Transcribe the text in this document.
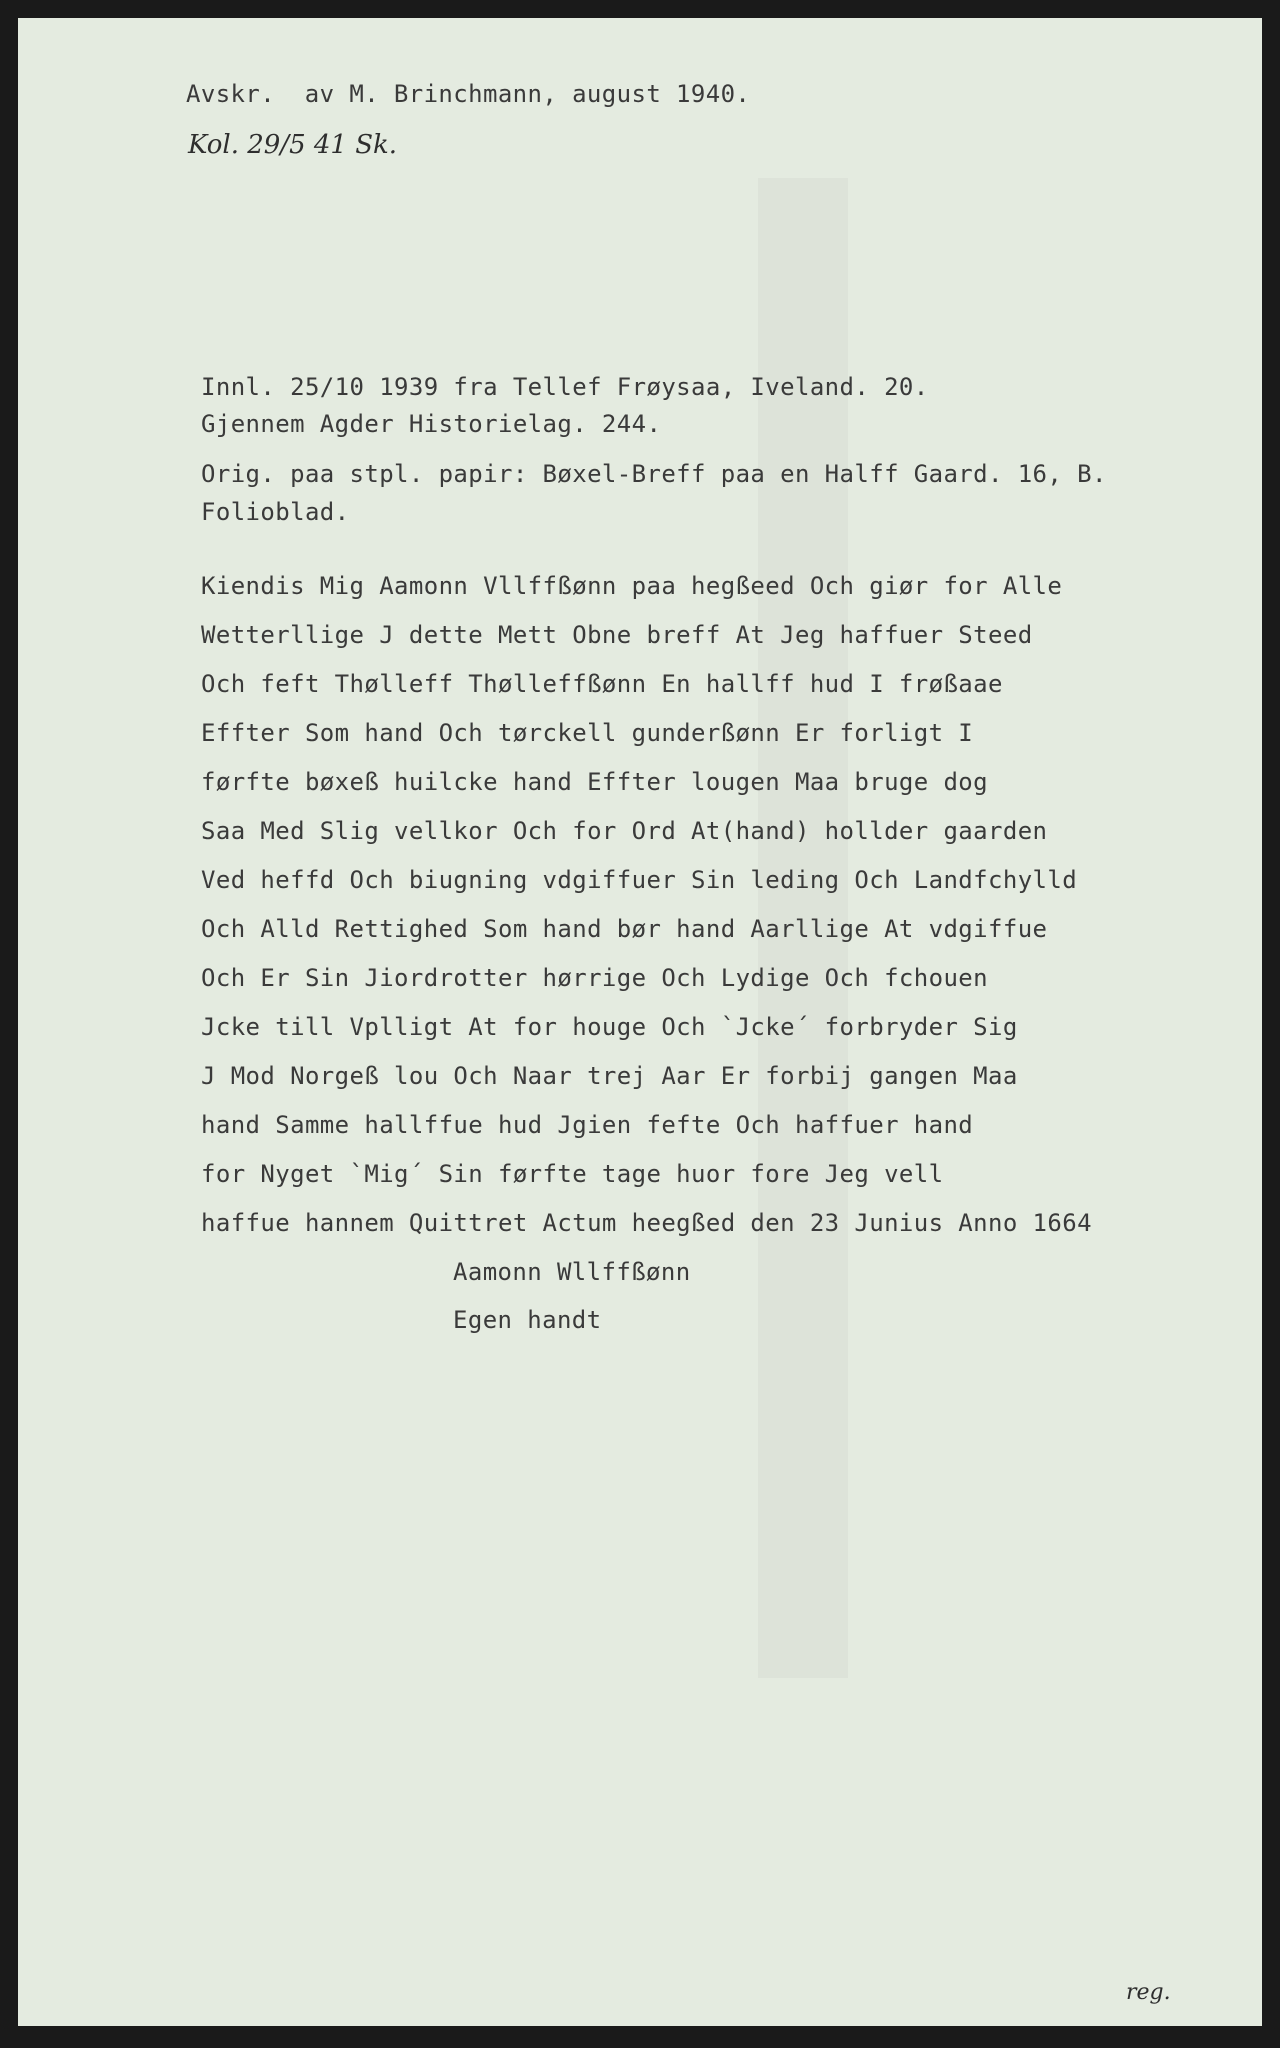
Avskr.  av M. Brinchmann, august 1940.
Kol. 29/5 41 Sk.
Innl. 25/10 1939 fra Tellef Frøysaa, Iveland. 20.
Gjennem Agder Historielag. 244.
Orig. paa stpl. papir: Bøxel-Breff paa en Halff Gaard. 16, B.
Folioblad.
Kiendis Mig Aamonn Vllffßønn paa hegßeed Och giør for Alle
Wetterllige J dette Mett Obne breff At Jeg haffuer Steed
Och feft Thølleff Thølleffßønn En hallff hud I frøßaae
Effter Som hand Och tørckell gunderßønn Er forligt I
førfte bøxeß huilcke hand Effter lougen Maa bruge dog
Saa Med Slig vellkor Och for Ord At(hand) hollder gaarden
Ved heffd Och biugning vdgiffuer Sin leding Och Landfchylld
Och Alld Rettighed Som hand bør hand Aarllige At vdgiffue
Och Er Sin Jiordrotter hørrige Och Lydige Och fchouen
Jcke till Vplligt At for houge Och `Jcke´ forbryder Sig
J Mod Norgeß lou Och Naar trej Aar Er forbij gangen Maa
hand Samme hallffue hud Jgien fefte Och haffuer hand
for Nyget `Mig´ Sin førfte tage huor fore Jeg vell
haffue hannem Quittret Actum heegßed den 23 Junius Anno 1664
Aamonn Wllffßønn
Egen handt
reg.
